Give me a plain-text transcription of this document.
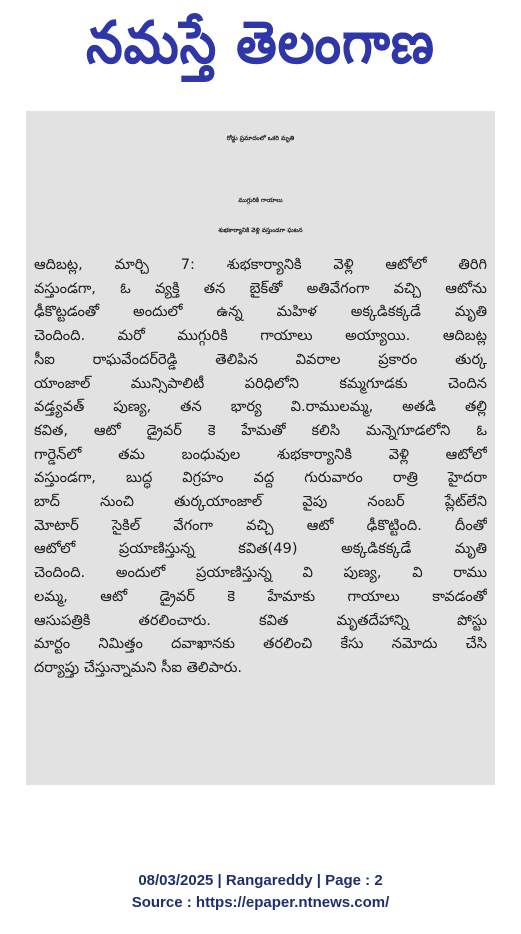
నమస్తే తెలంగాణ
రోడ్డు ప్రమాదంలో ఒకరి మృతి
ముగ్గురికి గాయాలు
శుభకార్యానికి వెళ్లి వస్తుండగా ఘటన
ఆదిబట్ల, మార్చి 7: శుభకార్యానికి వెళ్లి ఆటోలో తిరిగి
వస్తుండగా, ఓ వ్యక్తి తన బైక్‌తో అతివేగంగా వచ్చి ఆటోను
ఢీకొట్టడంతో అందులో ఉన్న మహిళ అక్కడికక్కడే మృతి
చెందింది. మరో ముగ్గురికి గాయాలు అయ్యాయి. ఆదిబట్ల
సీఐ రాఘవేందర్‌రెడ్డి తెలిపిన వివరాల ప్రకారం తుర్క
యాంజాల్ మున్సిపాలిటీ పరిధిలోని కమ్మగూడకు చెందిన
వడ్త్యవత్ పుణ్య, తన భార్య వి.రాములమ్మ, అతడి తల్లి
కవిత, ఆటో డ్రైవర్ కె హేమతో కలిసి మన్నెగూడలోని ఓ
గార్డెన్‌లో తమ బంధువుల శుభకార్యానికి వెళ్లి ఆటోలో
వస్తుండగా, బుద్ధ విగ్రహం వద్ద గురువారం రాత్రి హైదరా
బాద్ నుంచి తుర్కయాంజాల్ వైపు నంబర్ ప్లేట్‌లేని
మోటార్ సైకిల్ వేగంగా వచ్చి ఆటో ఢీకొట్టింది. దీంతో
ఆటోలో ప్రయాణిస్తున్న కవిత(49) అక్కడికక్కడే మృతి
చెందింది. అందులో ప్రయాణిస్తున్న వి పుణ్య, వి రాము
లమ్మ, ఆటో డ్రైవర్ కె హేమాకు గాయాలు కావడంతో
ఆసుపత్రికి తరలించారు. కవిత మృతదేహాన్ని పోస్టు
మార్టం నిమిత్తం దవాఖానకు తరలించి కేసు నమోదు చేసి
దర్యాప్తు చేస్తున్నామని సీఐ తెలిపారు.
08/03/2025 | Rangareddy | Page : 2
Source : https://epaper.ntnews.com/
